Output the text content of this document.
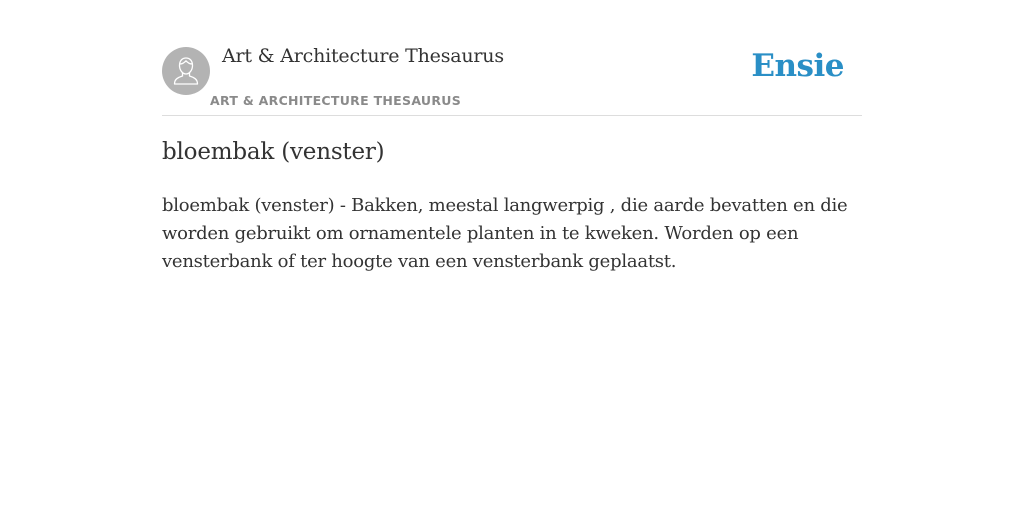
Art & Architecture Thesaurus
ART & ARCHITECTURE THESAURUS
Ensie
bloembak (venster)

bloembak (venster) - Bakken, meestal langwerpig , die aarde bevatten en die worden gebruikt om ornamentele planten in te kweken. Worden op een vensterbank of ter hoogte van een vensterbank geplaatst.
